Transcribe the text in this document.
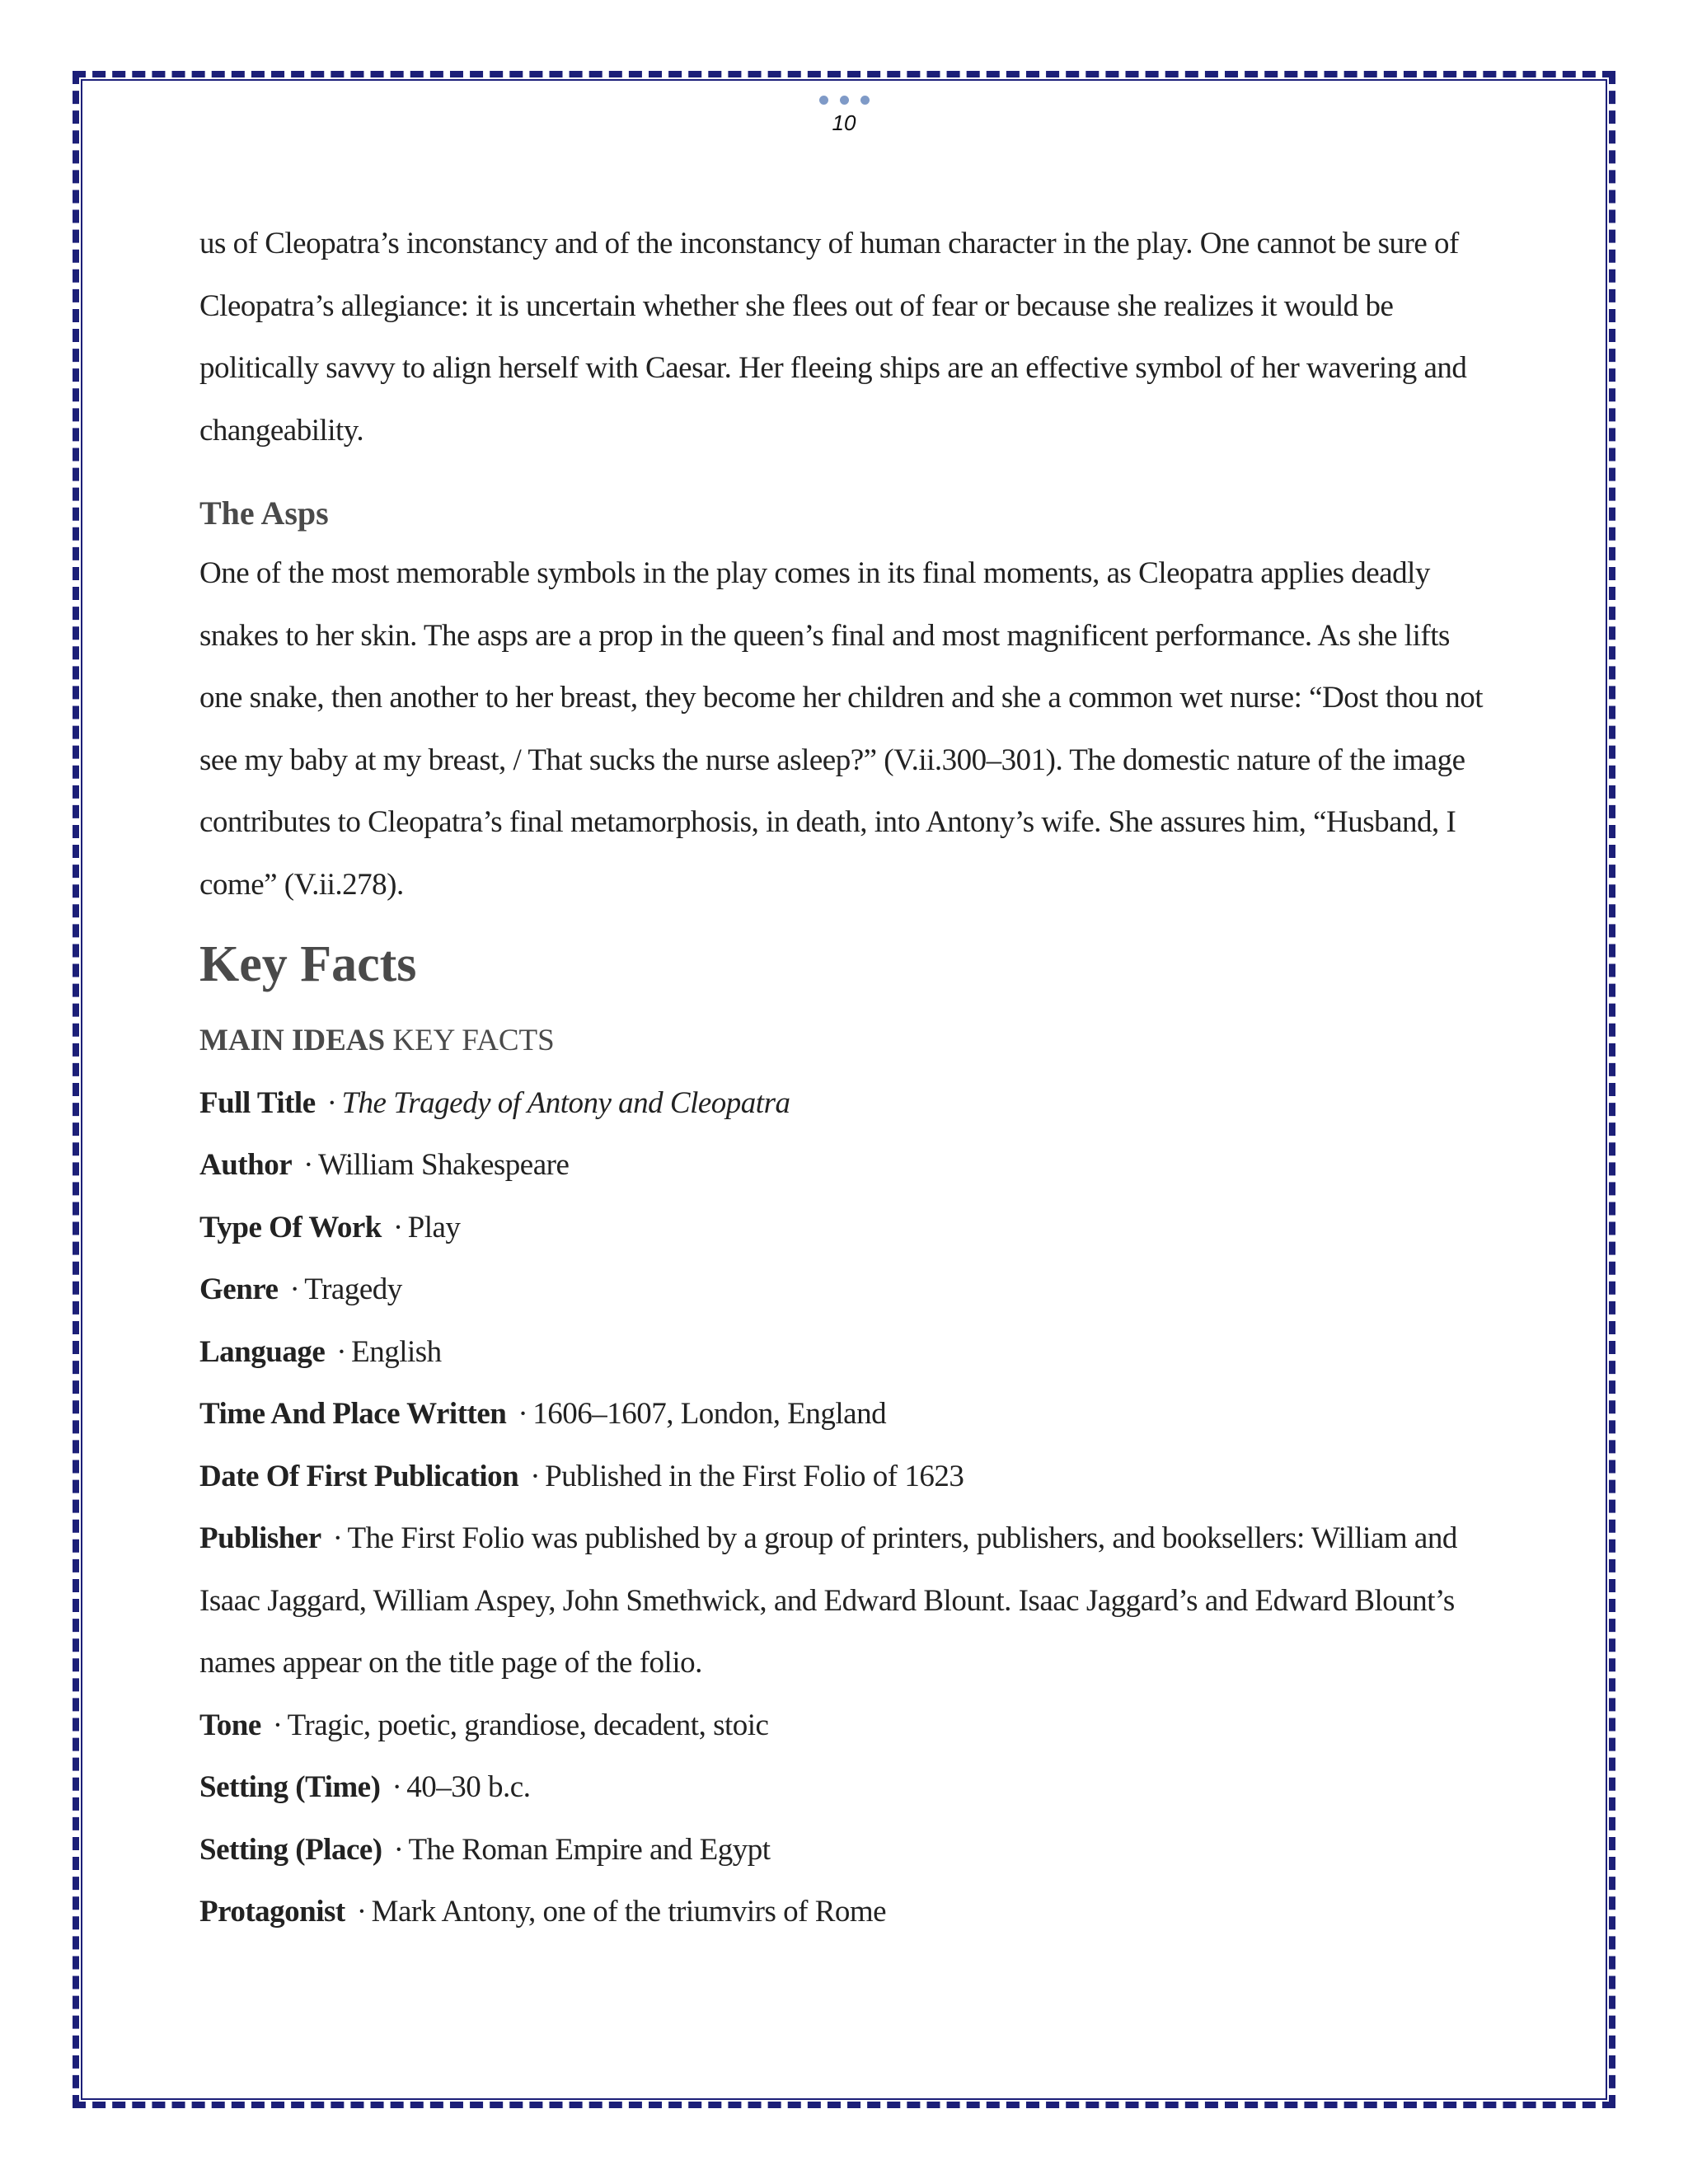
10

us of Cleopatra’s inconstancy and of the inconstancy of human character in the play. One cannot be sure of Cleopatra’s allegiance: it is uncertain whether she flees out of fear or because she realizes it would be politically savvy to align herself with Caesar. Her fleeing ships are an effective symbol of her wavering and changeability.

The Asps

One of the most memorable symbols in the play comes in its final moments, as Cleopatra applies deadly snakes to her skin. The asps are a prop in the queen’s final and most magnificent performance. As she lifts one snake, then another to her breast, they become her children and she a common wet nurse: “Dost thou not see my baby at my breast, / That sucks the nurse asleep?” (V.ii.300–301). The domestic nature of the image contributes to Cleopatra’s final metamorphosis, in death, into Antony’s wife. She assures him, “Husband, I come” (V.ii.278).

Key Facts

MAIN IDEAS KEY FACTS

Full Title · The Tragedy of Antony and Cleopatra

Author · William Shakespeare

Type Of Work · Play

Genre · Tragedy

Language · English

Time And Place Written · 1606–1607, London, England

Date Of First Publication · Published in the First Folio of 1623

Publisher · The First Folio was published by a group of printers, publishers, and booksellers: William and Isaac Jaggard, William Aspey, John Smethwick, and Edward Blount. Isaac Jaggard’s and Edward Blount’s names appear on the title page of the folio.

Tone · Tragic, poetic, grandiose, decadent, stoic

Setting (Time) · 40–30 b.c.

Setting (Place) · The Roman Empire and Egypt

Protagonist · Mark Antony, one of the triumvirs of Rome
